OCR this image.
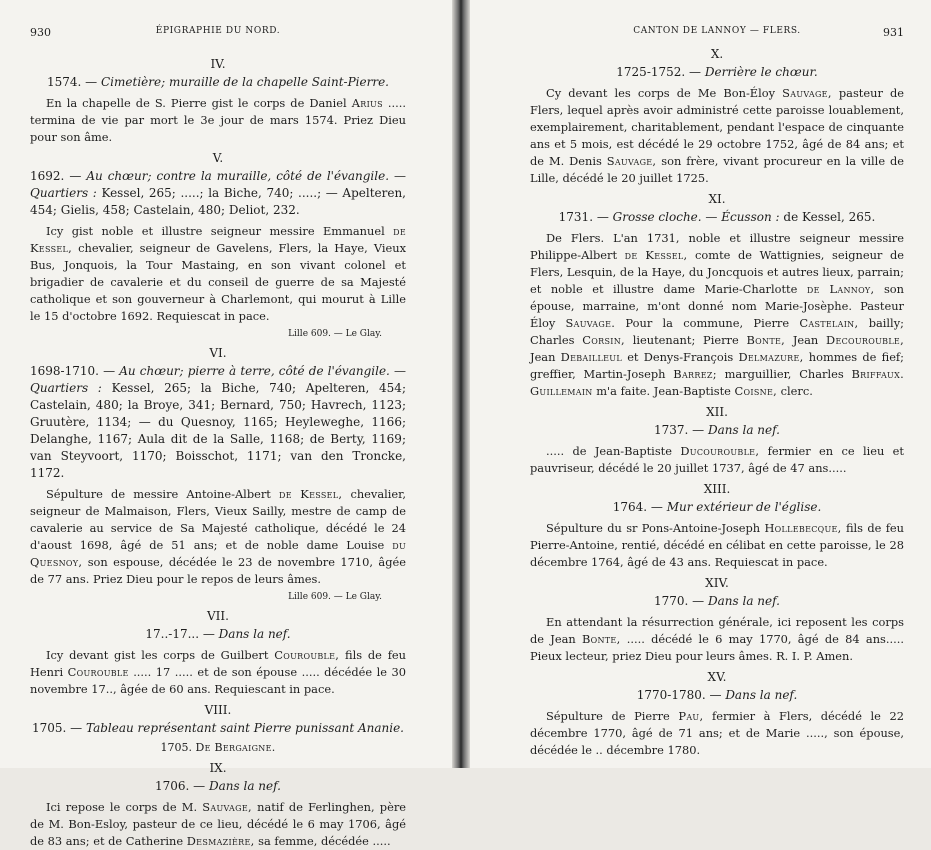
930	ÉPIGRAPHIE DU NORD.
IV.
1574. — Cimetière; muraille de la chapelle Saint-Pierre.

En la chapelle de S. Pierre gist le corps de Daniel Arius ..... termina de vie par mort le 3e jour de mars 1574. Priez Dieu pour son âme.

V.
1692. — Au chœur; contre la muraille, côté de l'évangile. — Quartiers : Kessel, 265; .....; la Biche, 740; .....; — Apelteren, 454; Gielis, 458; Castelain, 480; Deliot, 232.

Icy gist noble et illustre seigneur messire Emmanuel de Kessel, chevalier, seigneur de Gavelens, Flers, la Haye, Vieux Bus, Jonquois, la Tour Mastaing, en son vivant colonel et brigadier de cavalerie et du conseil de guerre de sa Majesté catholique et son gouverneur à Charlemont, qui mourut à Lille le 15 d'octobre 1692. Requiescat in pace.

Lille 609. — Le Glay.
VI.
1698-1710. — Au chœur; pierre à terre, côté de l'évangile. — Quartiers : Kessel, 265; la Biche, 740; Apelteren, 454; Castelain, 480; la Broye, 341; Bernard, 750; Havrech, 1123; Gruutère, 1134; — du Quesnoy, 1165; Heyleweghe, 1166; Delanghe, 1167; Aula dit de la Salle, 1168; de Berty, 1169; van Steyvoort, 1170; Boisschot, 1171; van den Troncke, 1172.

Sépulture de messire Antoine-Albert de Kessel, chevalier, seigneur de Malmaison, Flers, Vieux Sailly, mestre de camp de cavalerie au service de Sa Majesté catholique, décédé le 24 d'aoust 1698, âgé de 51 ans; et de noble dame Louise du Quesnoy, son espouse, décédée le 23 de novembre 1710, âgée de 77 ans. Priez Dieu pour le repos de leurs âmes.

Lille 609. — Le Glay.
VII.
17..-17... — Dans la nef.

Icy devant gist les corps de Guilbert Courouble, fils de feu Henri Courouble ..... 17 ..... et de son épouse ..... décédée le 30 novembre 17.., âgée de 60 ans. Requiescant in pace.

VIII.
1705. — Tableau représentant saint Pierre punissant Ananie.
1705. De Bergaigne.
IX.
1706. — Dans la nef.

Ici repose le corps de M. Sauvage, natif de Ferlinghen, père de M. Bon-Esloy, pasteur de ce lieu, décédé le 6 may 1706, âgé de 83 ans; et de Catherine Desmazière, sa femme, décédée .....

CANTON DE LANNOY — FLERS.	931
X.
1725-1752. — Derrière le chœur.

Cy devant les corps de Me Bon-Éloy Sauvage, pasteur de Flers, lequel après avoir administré cette paroisse louablement, exemplairement, charitablement, pendant l'espace de cinquante ans et 5 mois, est décédé le 29 octobre 1752, âgé de 84 ans; et de M. Denis Sauvage, son frère, vivant procureur en la ville de Lille, décédé le 20 juillet 1725.

XI.
1731. — Grosse cloche. — Écusson : de Kessel, 265.

De Flers. L'an 1731, noble et illustre seigneur messire Philippe-Albert de Kessel, comte de Wattignies, seigneur de Flers, Lesquin, de la Haye, du Joncquois et autres lieux, parrain; et noble et illustre dame Marie-Charlotte de Lannoy, son épouse, marraine, m'ont donné nom Marie-Josèphe. Pasteur Éloy Sauvage. Pour la commune, Pierre Castelain, bailly; Charles Corsin, lieutenant; Pierre Bonte, Jean Decourouble, Jean Debailleul et Denys-François Delmazure, hommes de fief; greffier, Martin-Joseph Barrez; marguillier, Charles Briffaux. Guillemain m'a faite. Jean-Baptiste Coisne, clerc.

XII.
1737. — Dans la nef.

..... de Jean-Baptiste Ducourouble, fermier en ce lieu et pauvriseur, décédé le 20 juillet 1737, âgé de 47 ans.....

XIII.
1764. — Mur extérieur de l'église.

Sépulture du sr Pons-Antoine-Joseph Hollebecque, fils de feu Pierre-Antoine, rentié, décédé en célibat en cette paroisse, le 28 décembre 1764, âgé de 43 ans. Requiescat in pace.

XIV.
1770. — Dans la nef.

En attendant la résurrection générale, ici reposent les corps de Jean Bonte, ..... décédé le 6 may 1770, âgé de 84 ans..... Pieux lecteur, priez Dieu pour leurs âmes. R. I. P. Amen.

XV.
1770-1780. — Dans la nef.

Sépulture de Pierre Pau, fermier à Flers, décédé le 22 décembre 1770, âgé de 71 ans; et de Marie ....., son épouse, décédée le .. décembre 1780.
